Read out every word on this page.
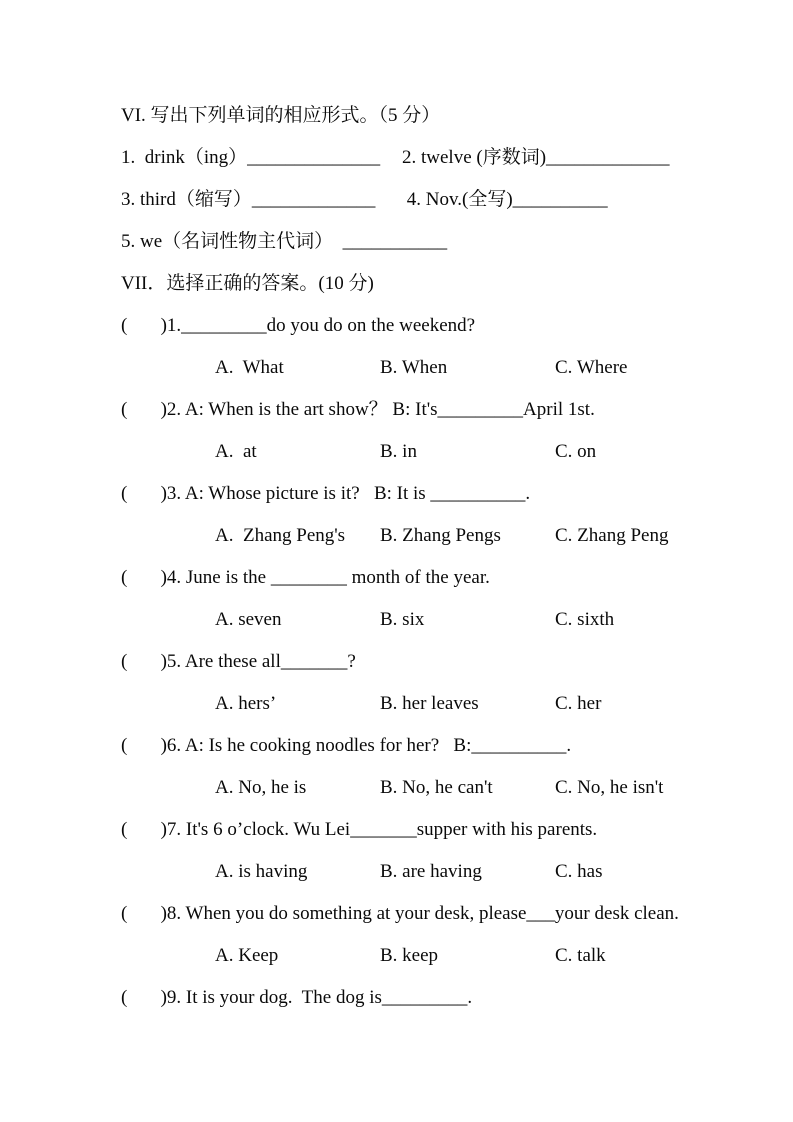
VI. 写出下列单词的相应形式。（5 分）
1.  drink（ing）______________	2. twelve (序数词)_____________
3. third（缩写）_____________	4. Nov.(全写)__________
5. we（名词性物主代词）  ___________
VII．选择正确的答案。(10 分)
(       )1._________do you do on the weekend?
A.  What	B. When	C. Where
(       )2. A: When is the art show？ B: It's_________April 1st.
A.  at	B. in	C. on
(       )3. A: Whose picture is it?   B: It is __________.
A.  Zhang Peng's	B. Zhang Pengs	C. Zhang Peng
(       )4. June is the ________ month of the year.
A. seven	B. six	C. sixth
(       )5. Are these all_______?
A. hers’	B. her leaves	C. her
(       )6. A: Is he cooking noodles for her?   B:__________.
A. No, he is	B. No, he can't	C. No, he isn't
(       )7. It's 6 o’clock. Wu Lei_______supper with his parents.
A. is having	B. are having	C. has
(       )8. When you do something at your desk, please___your desk clean.
A. Keep	B. keep	C. talk
(       )9. It is your dog.  The dog is_________.
